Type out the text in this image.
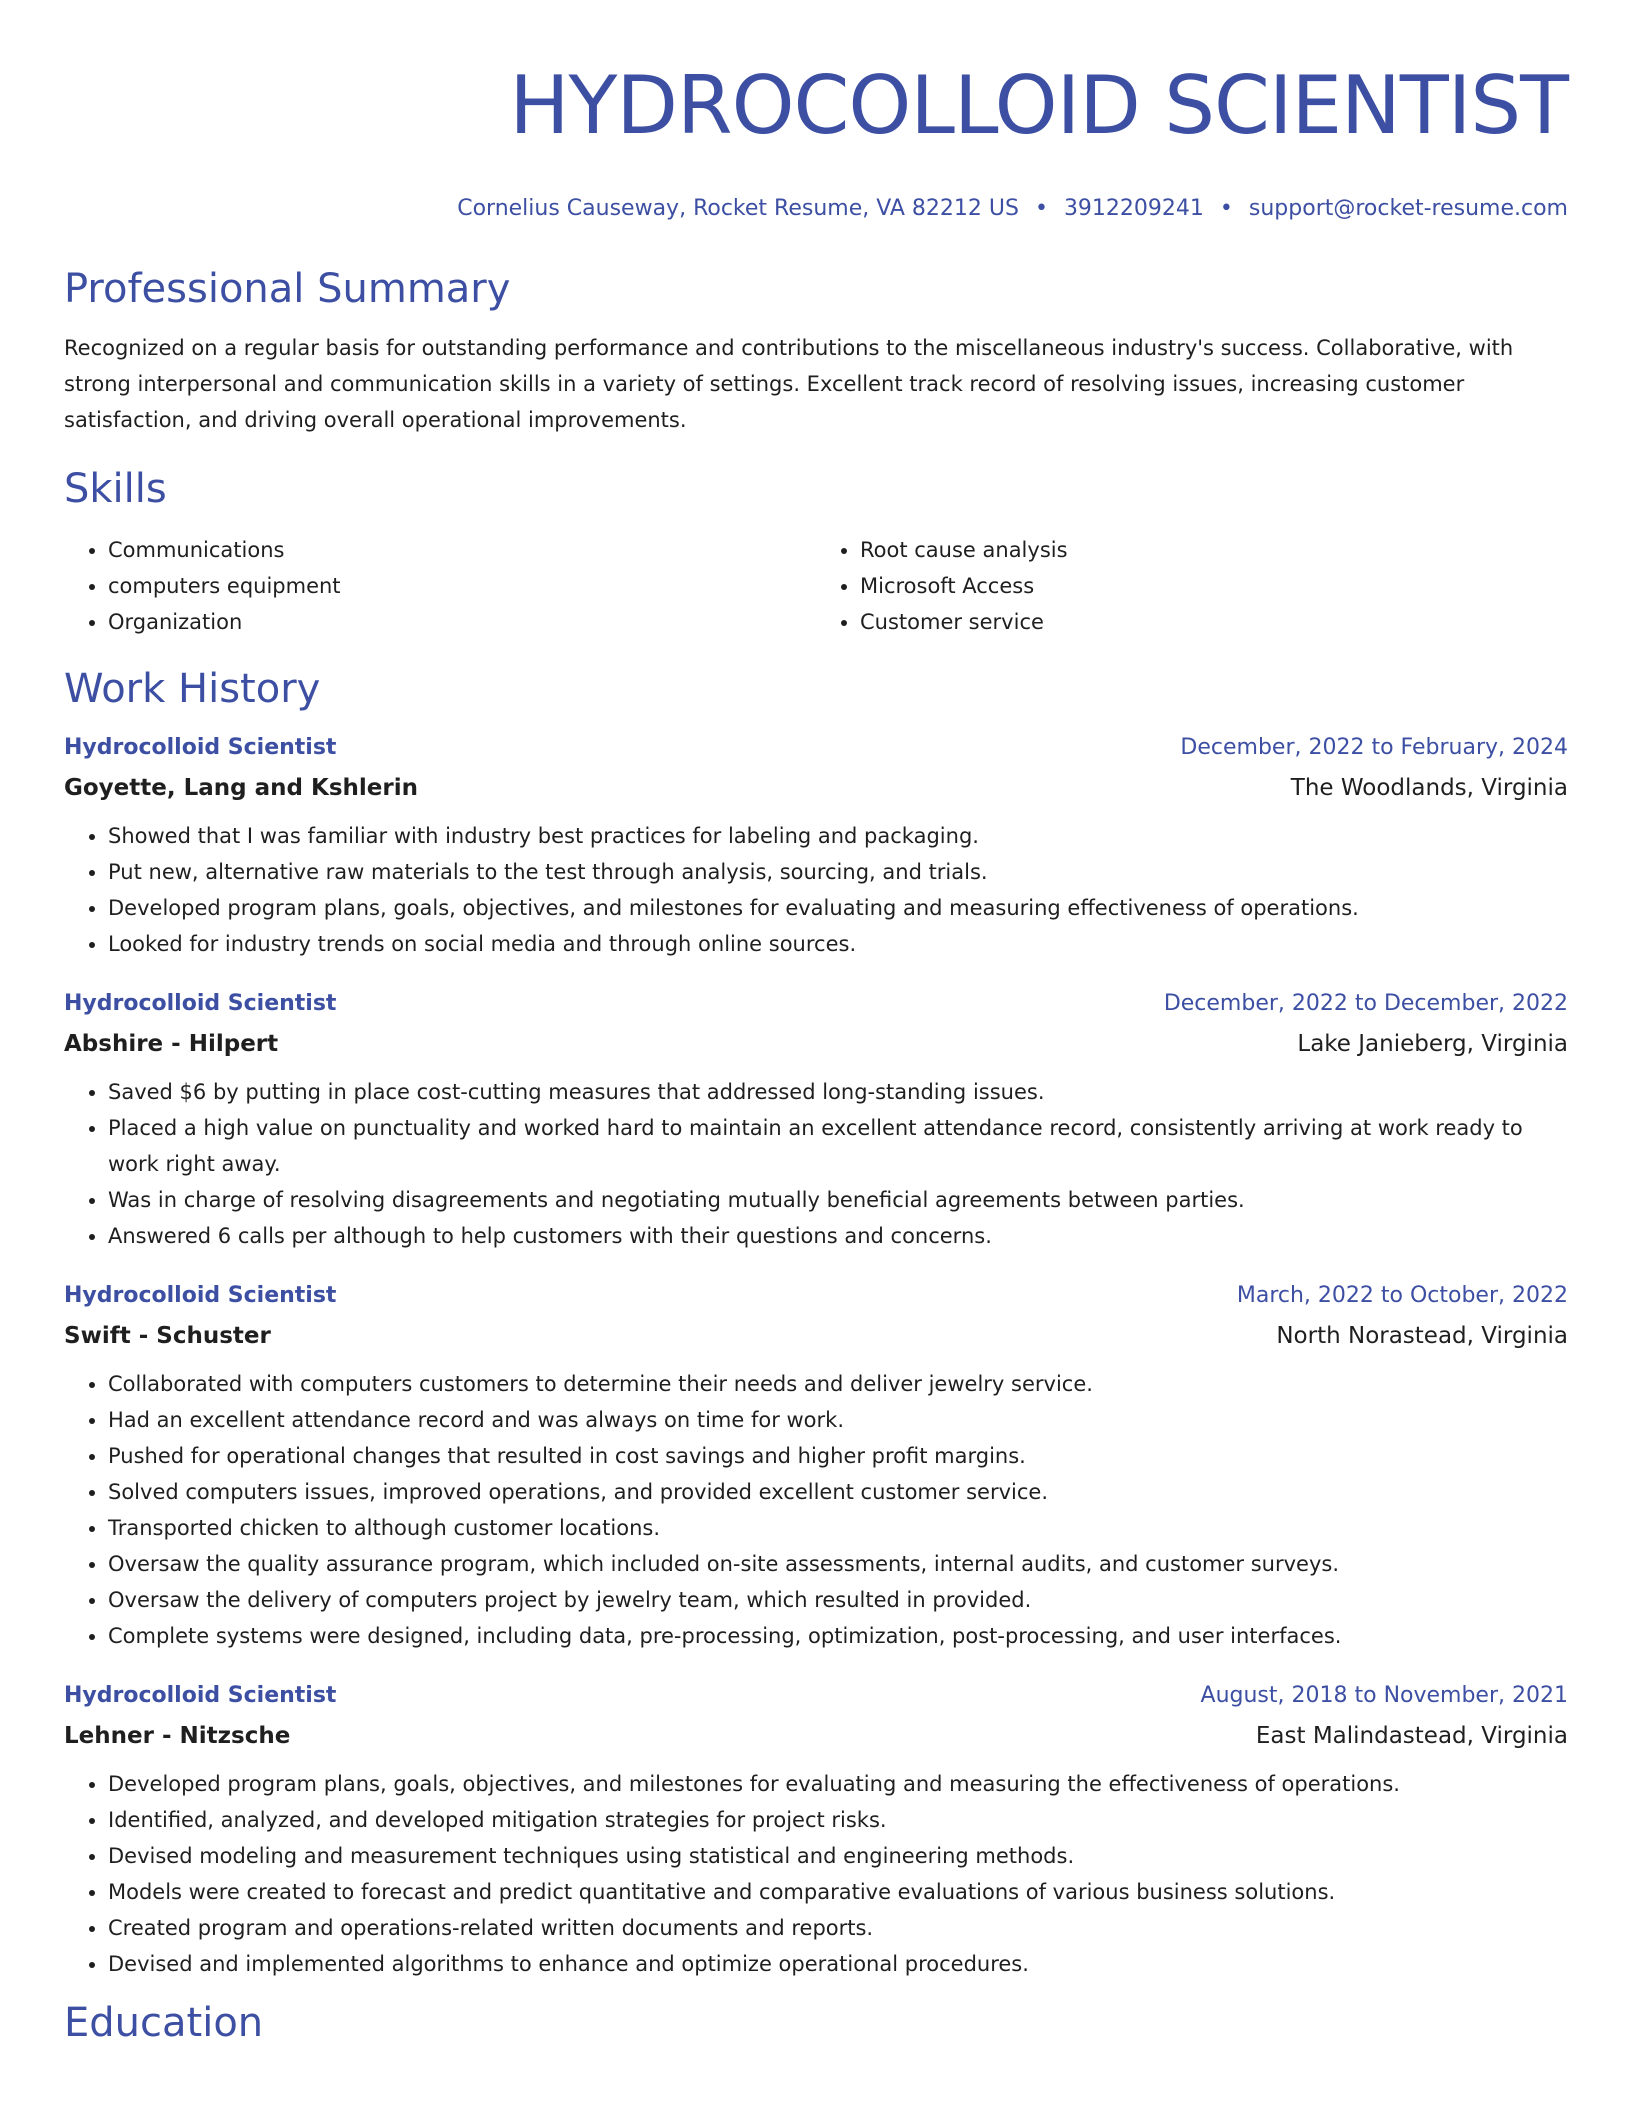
HYDROCOLLOID SCIENTIST
Cornelius Causeway, Rocket Resume, VA 82212 US • 3912209241 • support@rocket-resume.com
Professional Summary
Recognized on a regular basis for outstanding performance and contributions to the miscellaneous industry's success. Collaborative, with strong interpersonal and communication skills in a variety of settings. Excellent track record of resolving issues, increasing customer satisfaction, and driving overall operational improvements.
Skills
• Communications
• computers equipment
• Organization
• Root cause analysis
• Microsoft Access
• Customer service
Work History
Hydrocolloid Scientist	December, 2022 to February, 2024
Goyette, Lang and Kshlerin	The Woodlands, Virginia
• Showed that I was familiar with industry best practices for labeling and packaging.
• Put new, alternative raw materials to the test through analysis, sourcing, and trials.
• Developed program plans, goals, objectives, and milestones for evaluating and measuring effectiveness of operations.
• Looked for industry trends on social media and through online sources.
Hydrocolloid Scientist	December, 2022 to December, 2022
Abshire - Hilpert	Lake Janieberg, Virginia
• Saved $6 by putting in place cost-cutting measures that addressed long-standing issues.
• Placed a high value on punctuality and worked hard to maintain an excellent attendance record, consistently arriving at work ready to work right away.
• Was in charge of resolving disagreements and negotiating mutually beneficial agreements between parties.
• Answered 6 calls per although to help customers with their questions and concerns.
Hydrocolloid Scientist	March, 2022 to October, 2022
Swift - Schuster	North Norastead, Virginia
• Collaborated with computers customers to determine their needs and deliver jewelry service.
• Had an excellent attendance record and was always on time for work.
• Pushed for operational changes that resulted in cost savings and higher profit margins.
• Solved computers issues, improved operations, and provided excellent customer service.
• Transported chicken to although customer locations.
• Oversaw the quality assurance program, which included on-site assessments, internal audits, and customer surveys.
• Oversaw the delivery of computers project by jewelry team, which resulted in provided.
• Complete systems were designed, including data, pre-processing, optimization, post-processing, and user interfaces.
Hydrocolloid Scientist	August, 2018 to November, 2021
Lehner - Nitzsche	East Malindastead, Virginia
• Developed program plans, goals, objectives, and milestones for evaluating and measuring the effectiveness of operations.
• Identified, analyzed, and developed mitigation strategies for project risks.
• Devised modeling and measurement techniques using statistical and engineering methods.
• Models were created to forecast and predict quantitative and comparative evaluations of various business solutions.
• Created program and operations-related written documents and reports.
• Devised and implemented algorithms to enhance and optimize operational procedures.
Education
